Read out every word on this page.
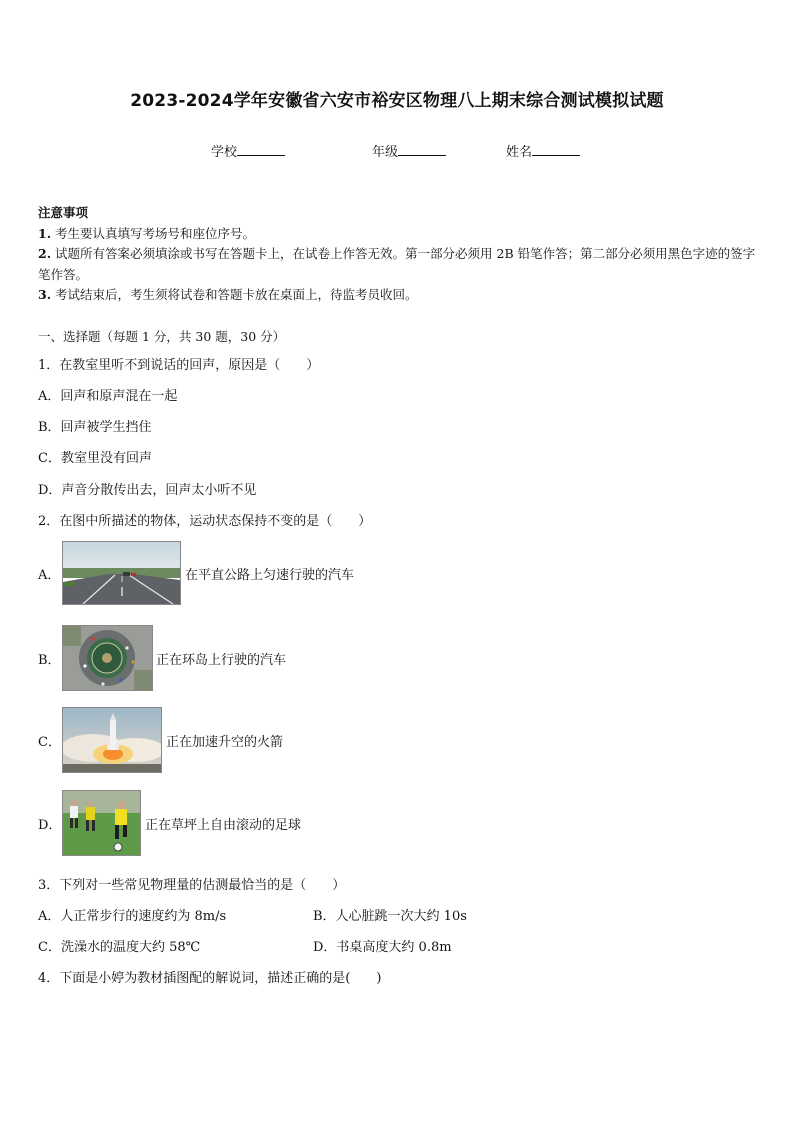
2023-2024学年安徽省六安市裕安区物理八上期末综合测试模拟试题
学校	年级	姓名
注意事项
1. 考生要认真填写考场号和座位序号。
2. 试题所有答案必须填涂或书写在答题卡上，在试卷上作答无效。第一部分必须用 2B 铅笔作答；第二部分必须用黑色字迹的签字笔作答。
3. 考试结束后，考生须将试卷和答题卡放在桌面上，待监考员收回。
一、选择题（每题 1 分，共 30 题，30 分）
1．在教室里听不到说话的回声，原因是（　　）
A．回声和原声混在一起
B．回声被学生挡住
C．教室里没有回声
D．声音分散传出去，回声太小听不见
2．在图中所描述的物体，运动状态保持不变的是（　　）
A．	在平直公路上匀速行驶的汽车
B．	正在环岛上行驶的汽车
C．	正在加速升空的火箭
D．	正在草坪上自由滚动的足球
3．下列对一些常见物理量的估测最恰当的是（　　）
A．人正常步行的速度约为 8m/s	B．人心脏跳一次大约 10s
C．洗澡水的温度大约 58℃	D．书桌高度大约 0.8m
4．下面是小婷为教材插图配的解说词，描述正确的是(　　)
